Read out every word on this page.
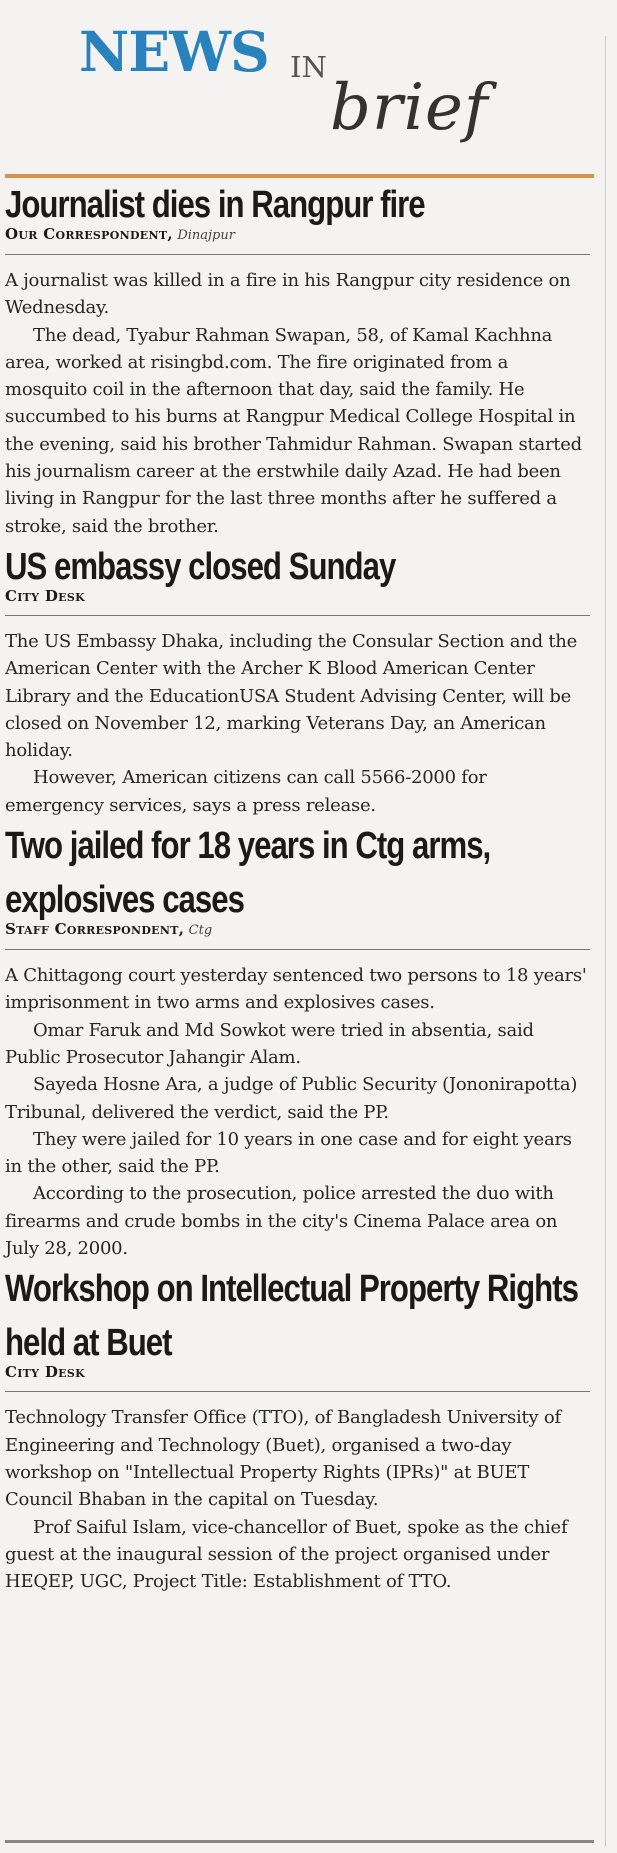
NEWS IN
brief
Journalist dies in Rangpur fire

Our Correspondent, Dinajpur

A journalist was killed in a fire in his Rangpur city residence on Wednesday.

The dead, Tyabur Rahman Swapan, 58, of Kamal Kachhna area, worked at risingbd.com. The fire originated from a mosquito coil in the afternoon that day, said the family. He succumbed to his burns at Rangpur Medical College Hospital in the evening, said his brother Tahmidur Rahman. Swapan started his journalism career at the erstwhile daily Azad. He had been living in Rangpur for the last three months after he suffered a stroke, said the brother.

US embassy closed Sunday

City Desk

The US Embassy Dhaka, including the Consular Section and the American Center with the Archer K Blood American Center Library and the EducationUSA Student Advising Center, will be closed on November 12, marking Veterans Day, an American holiday.

However, American citizens can call 5566-2000 for emergency services, says a press release.

Two jailed for 18 years in Ctg arms, explosives cases

Staff Correspondent, Ctg

A Chittagong court yesterday sentenced two persons to 18 years' imprisonment in two arms and explosives cases.

Omar Faruk and Md Sowkot were tried in absentia, said Public Prosecutor Jahangir Alam.

Sayeda Hosne Ara, a judge of Public Security (Jononirapotta) Tribunal, delivered the verdict, said the PP.

They were jailed for 10 years in one case and for eight years in the other, said the PP.

According to the prosecution, police arrested the duo with firearms and crude bombs in the city's Cinema Palace area on July 28, 2000.

Workshop on Intellectual Property Rights held at Buet

City Desk

Technology Transfer Office (TTO), of Bangladesh University of Engineering and Technology (Buet), organised a two-day workshop on "Intellectual Property Rights (IPRs)" at BUET Council Bhaban in the capital on Tuesday.

Prof Saiful Islam, vice-chancellor of Buet, spoke as the chief guest at the inaugural session of the project organised under HEQEP, UGC, Project Title: Establishment of TTO.
